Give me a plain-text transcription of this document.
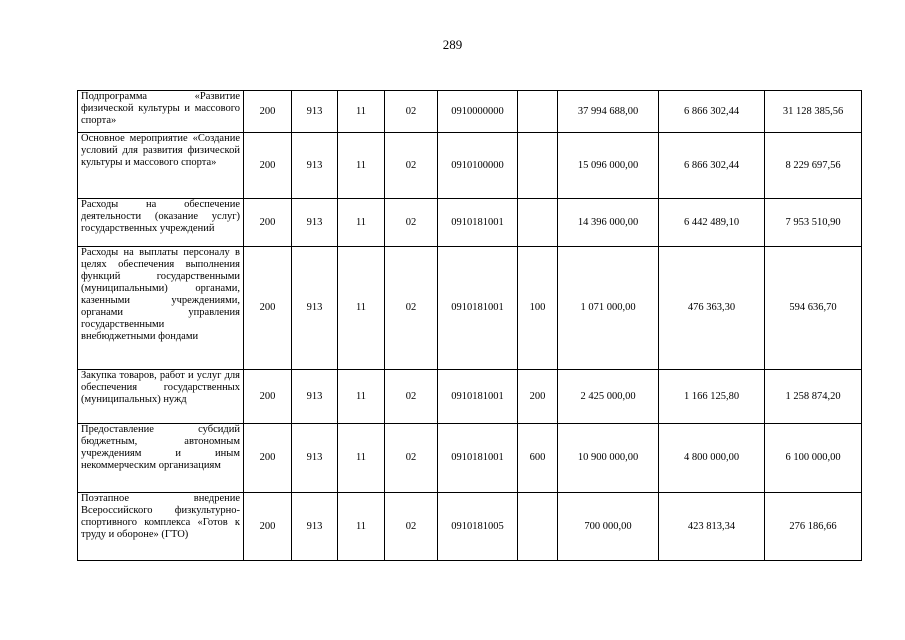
289
Подпрограмма «Развитие физической культуры и массового спорта»	200	913	11	02	0910000000		37 994 688,00	6 866 302,44	31 128 385,56
Основное мероприятие «Создание условий для развития физической культуры и массового спорта»	200	913	11	02	0910100000		15 096 000,00	6 866 302,44	8 229 697,56
Расходы на обеспечение деятельности (оказание услуг) государственных учреждений	200	913	11	02	0910181001		14 396 000,00	6 442 489,10	7 953 510,90
Расходы на выплаты персоналу в целях обеспечения выполнения функций государственными (муниципальными) органами, казенными учреждениями, органами управления государственными внебюджетными фондами	200	913	11	02	0910181001	100	1 071 000,00	476 363,30	594 636,70
Закупка товаров, работ и услуг для обеспечения государственных (муниципальных) нужд	200	913	11	02	0910181001	200	2 425 000,00	1 166 125,80	1 258 874,20
Предоставление субсидий бюджетным, автономным учреждениям и иным некоммерческим организациям	200	913	11	02	0910181001	600	10 900 000,00	4 800 000,00	6 100 000,00
Поэтапное внедрение Всероссийского физкультурно-спортивного комплекса «Готов к труду и обороне» (ГТО)	200	913	11	02	0910181005		700 000,00	423 813,34	276 186,66
